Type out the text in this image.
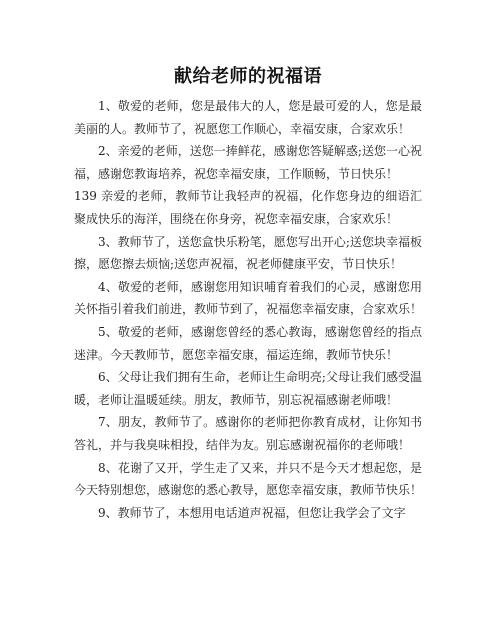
献给老师的祝福语

1、敬爱的老师，您是最伟大的人，您是最可爱的人，您是最美丽的人。教师节了，祝愿您工作顺心，幸福安康，合家欢乐！

2、亲爱的老师，送您一捧鲜花，感谢您答疑解惑;送您一心祝福，感谢您教诲培养，祝您幸福安康，工作顺畅，节日快乐！

139 亲爱的老师，教师节让我轻声的祝福，化作您身边的细语汇聚成快乐的海洋，围绕在你身旁，祝您幸福安康，合家欢乐！

3、教师节了，送您盒快乐粉笔，愿您写出开心;送您块幸福板擦，愿您擦去烦恼;送您声祝福，祝老师健康平安，节日快乐！

4、敬爱的老师，感谢您用知识哺育着我们的心灵，感谢您用关怀指引着我们前进，教师节到了，祝福您幸福安康，合家欢乐！

5、敬爱的老师，感谢您曾经的悉心教诲，感谢您曾经的指点迷津。今天教师节，愿您幸福安康，福运连绵，教师节快乐！

6、父母让我们拥有生命，老师让生命明亮;父母让我们感受温暖，老师让温暖延续。朋友，教师节，别忘祝福感谢老师哦！

7、朋友，教师节了。感谢你的老师把你教育成材，让你知书答礼，并与我臭味相投，结伴为友。别忘感谢祝福你的老师哦！

8、花谢了又开，学生走了又来，并只不是今天才想起您，是今天特别想您，感谢您的悉心教导，愿您幸福安康，教师节快乐！

9、教师节了，本想用电话道声祝福，但您让我学会了文字
